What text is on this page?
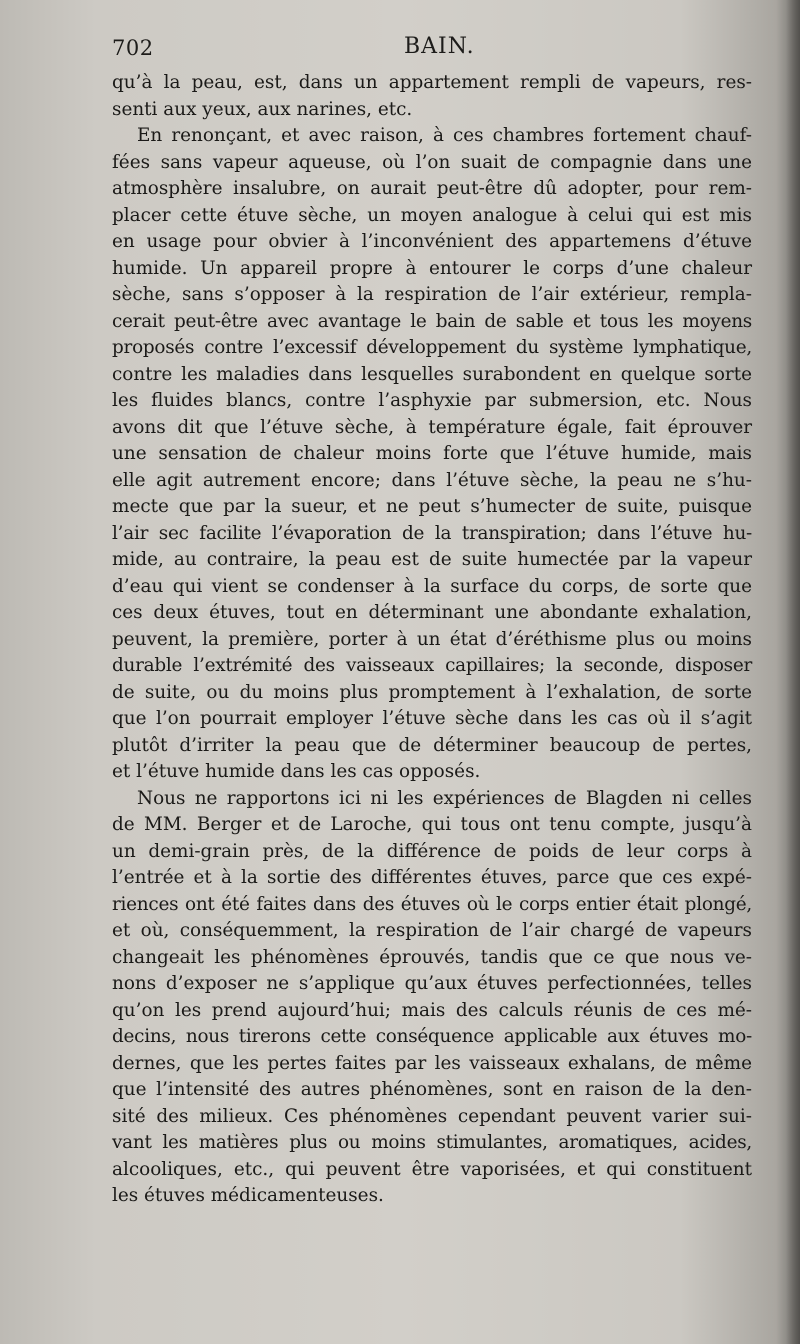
702	BAIN.
qu’à la peau, est, dans un appartement rempli de vapeurs, res-
senti aux yeux, aux narines, etc.
En renonçant, et avec raison, à ces chambres fortement chauf-
fées sans vapeur aqueuse, où l’on suait de compagnie dans une
atmosphère insalubre, on aurait peut-être dû adopter, pour rem-
placer cette étuve sèche, un moyen analogue à celui qui est mis
en usage pour obvier à l’inconvénient des appartemens d’étuve
humide. Un appareil propre à entourer le corps d’une chaleur
sèche, sans s’opposer à la respiration de l’air extérieur, rempla-
cerait peut-être avec avantage le bain de sable et tous les moyens
proposés contre l’excessif développement du système lymphatique,
contre les maladies dans lesquelles surabondent en quelque sorte
les fluides blancs, contre l’asphyxie par submersion, etc. Nous
avons dit que l’étuve sèche, à température égale, fait éprouver
une sensation de chaleur moins forte que l’étuve humide, mais
elle agit autrement encore; dans l’étuve sèche, la peau ne s’hu-
mecte que par la sueur, et ne peut s’humecter de suite, puisque
l’air sec facilite l’évaporation de la transpiration; dans l’étuve hu-
mide, au contraire, la peau est de suite humectée par la vapeur
d’eau qui vient se condenser à la surface du corps, de sorte que
ces deux étuves, tout en déterminant une abondante exhalation,
peuvent, la première, porter à un état d’éréthisme plus ou moins
durable l’extrémité des vaisseaux capillaires; la seconde, disposer
de suite, ou du moins plus promptement à l’exhalation, de sorte
que l’on pourrait employer l’étuve sèche dans les cas où il s’agit
plutôt d’irriter la peau que de déterminer beaucoup de pertes,
et l’étuve humide dans les cas opposés.
Nous ne rapportons ici ni les expériences de Blagden ni celles
de MM. Berger et de Laroche, qui tous ont tenu compte, jusqu’à
un demi-grain près, de la différence de poids de leur corps à
l’entrée et à la sortie des différentes étuves, parce que ces expé-
riences ont été faites dans des étuves où le corps entier était plongé,
et où, conséquemment, la respiration de l’air chargé de vapeurs
changeait les phénomènes éprouvés, tandis que ce que nous ve-
nons d’exposer ne s’applique qu’aux étuves perfectionnées, telles
qu’on les prend aujourd’hui; mais des calculs réunis de ces mé-
decins, nous tirerons cette conséquence applicable aux étuves mo-
dernes, que les pertes faites par les vaisseaux exhalans, de même
que l’intensité des autres phénomènes, sont en raison de la den-
sité des milieux. Ces phénomènes cependant peuvent varier sui-
vant les matières plus ou moins stimulantes, aromatiques, acides,
alcooliques, etc., qui peuvent être vaporisées, et qui constituent
les étuves médicamenteuses.
